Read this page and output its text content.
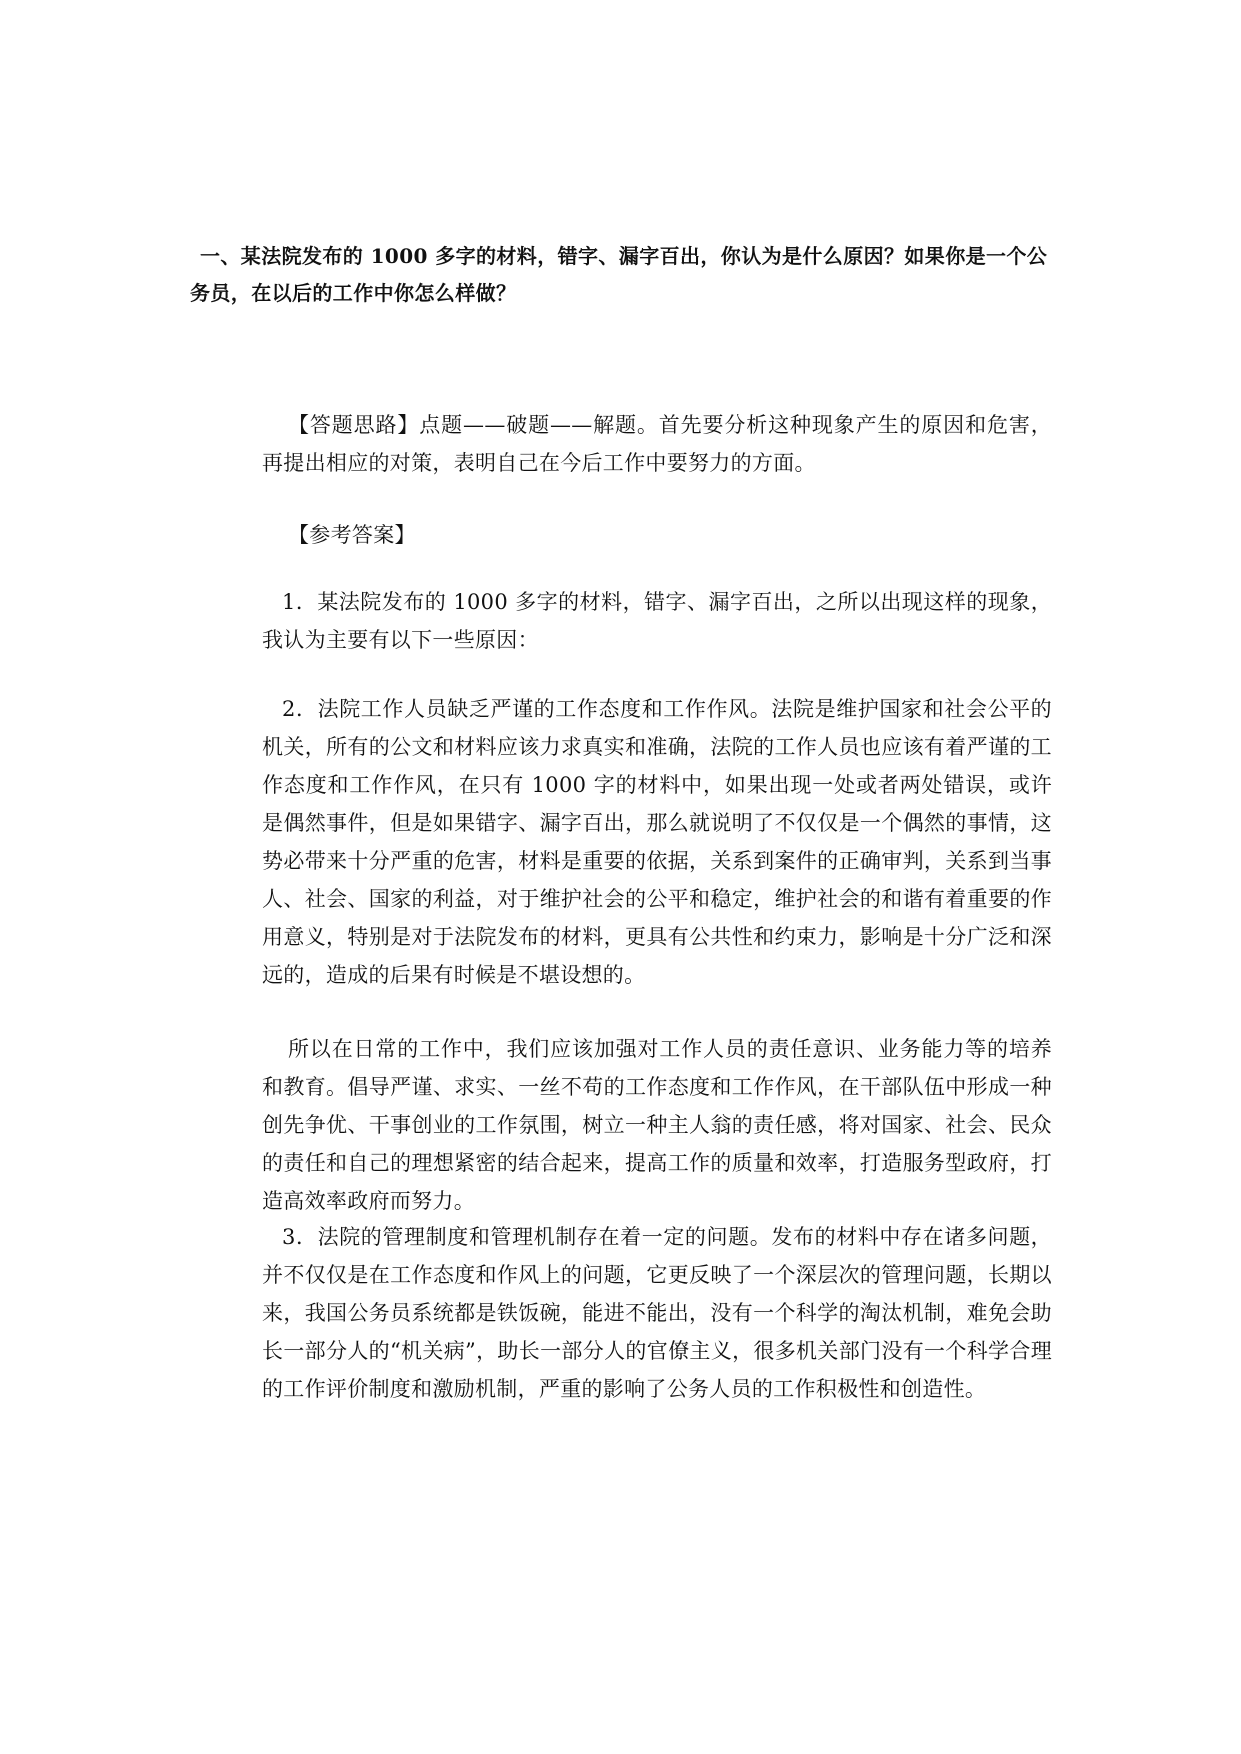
一、某法院发布的 1000 多字的材料，错字、漏字百出，你认为是什么原因？如果你是一个公务员，在以后的工作中你怎么样做？

【答题思路】点题——破题——解题。首先要分析这种现象产生的原因和危害，再提出相应的对策，表明自己在今后工作中要努力的方面。

【参考答案】

1．某法院发布的 1000 多字的材料，错字、漏字百出，之所以出现这样的现象，我认为主要有以下一些原因：

2．法院工作人员缺乏严谨的工作态度和工作作风。法院是维护国家和社会公平的机关，所有的公文和材料应该力求真实和准确，法院的工作人员也应该有着严谨的工作态度和工作作风，在只有 1000 字的材料中，如果出现一处或者两处错误，或许是偶然事件，但是如果错字、漏字百出，那么就说明了不仅仅是一个偶然的事情，这势必带来十分严重的危害，材料是重要的依据，关系到案件的正确审判，关系到当事人、社会、国家的利益，对于维护社会的公平和稳定，维护社会的和谐有着重要的作用意义，特别是对于法院发布的材料，更具有公共性和约束力，影响是十分广泛和深远的，造成的后果有时候是不堪设想的。

所以在日常的工作中，我们应该加强对工作人员的责任意识、业务能力等的培养和教育。倡导严谨、求实、一丝不苟的工作态度和工作作风，在干部队伍中形成一种创先争优、干事创业的工作氛围，树立一种主人翁的责任感，将对国家、社会、民众的责任和自己的理想紧密的结合起来，提高工作的质量和效率，打造服务型政府，打造高效率政府而努力。

3．法院的管理制度和管理机制存在着一定的问题。发布的材料中存在诸多问题，并不仅仅是在工作态度和作风上的问题，它更反映了一个深层次的管理问题，长期以来，我国公务员系统都是铁饭碗，能进不能出，没有一个科学的淘汰机制，难免会助长一部分人的“机关病”，助长一部分人的官僚主义，很多机关部门没有一个科学合理的工作评价制度和激励机制，严重的影响了公务人员的工作积极性和创造性。
